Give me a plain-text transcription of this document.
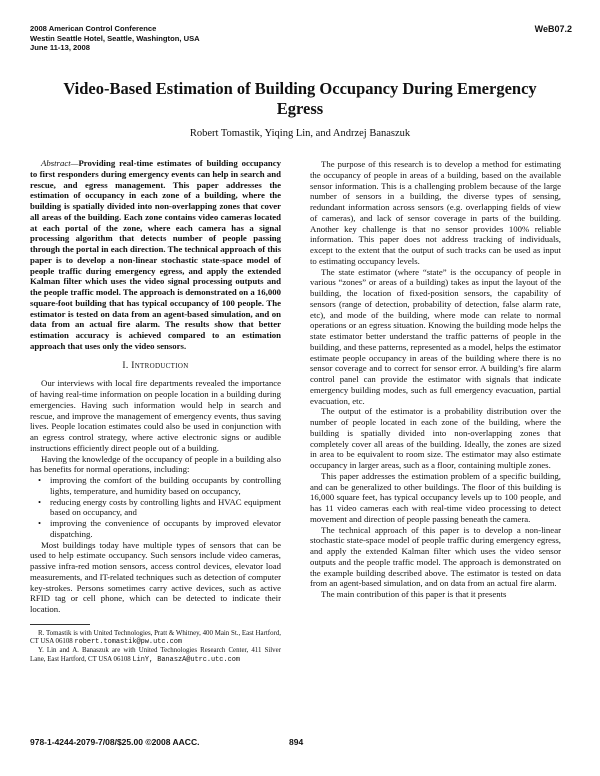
2008 American Control Conference
Westin Seattle Hotel, Seattle, Washington, USA
June 11-13, 2008
WeB07.2
Video-Based Estimation of Building Occupancy During Emergency Egress
Robert Tomastik, Yiqing Lin, and Andrzej Banaszuk

Abstract—Providing real-time estimates of building occupancy to first responders during emergency events can help in search and rescue, and egress management. This paper addresses the estimation of occupancy in each zone of a building, where the building is spatially divided into non-overlapping zones that cover all areas of the building. Each zone contains video cameras located at each portal of the zone, where each camera has a signal processing algorithm that detects number of people passing through the portal in each direction. The technical approach of this paper is to develop a non-linear stochastic state-space model of people traffic during emergency egress, and apply the extended Kalman filter which uses the video signal processing outputs and the people traffic model. The approach is demonstrated on a 16,000 square-foot building that has typical occupancy of 100 people. The estimator is tested on data from an agent-based simulation, and on data from an actual fire alarm. The results show that better estimation accuracy is achieved compared to an estimation approach that uses only the video sensors.

I. Introduction

Our interviews with local fire departments revealed the importance of having real-time information on people location in a building during emergencies. Having such information would help in search and rescue, and improve the management of emergency events, thus saving lives. People location estimates could also be used in conjunction with an egress control strategy, where active electronic signs or audible instructions efficiently direct people out of a building.

Having the knowledge of the occupancy of people in a building also has benefits for normal operations, including:

• improving the comfort of the building occupants by controlling lights, temperature, and humidity based on occupancy,
• reducing energy costs by controlling lights and HVAC equipment based on occupancy, and
• improving the convenience of occupants by improved elevator dispatching.

Most buildings today have multiple types of sensors that can be used to help estimate occupancy. Such sensors include video cameras, passive infra-red motion sensors, access control devices, elevator load measurements, and IT-related techniques such as detection of computer key-strokes. Persons sometimes carry active devices, such as active RFID tag or cell phone, which can be detected to indicate their location.

R. Tomastik is with United Technologies, Pratt & Whitney, 400 Main St., East Hartford, CT USA 06108 robert.tomastik@pw.utc.com

Y. Lin and A. Banaszuk are with United Technologies Research Center, 411 Silver Lane, East Hartford, CT USA 06108 LinY, BanaszA@utrc.utc.com

The purpose of this research is to develop a method for estimating the occupancy of people in areas of a building, based on the available sensor information. This is a challenging problem because of the large number of sensors in a building, the diverse types of sensing, redundant information across sensors (e.g. overlapping fields of view of cameras), and lack of sensor coverage in parts of the building. Another key challenge is that no sensor provides 100% reliable information. This paper does not address tracking of individuals, except to the extent that the output of such tracks can be used as input to estimating occupancy levels.

The state estimator (where “state” is the occupancy of people in various “zones” or areas of a building) takes as input the layout of the building, the location of fixed-position sensors, the capability of sensors (range of detection, probability of detection, false alarm rate, etc), and mode of the building, where mode can relate to normal operations or an egress situation. Knowing the building mode helps the state estimator better understand the traffic patterns of people in the building, and these patterns, represented as a model, helps the estimator estimate people occupancy in areas of the building where there is no sensor coverage and to correct for sensor error. A building’s fire alarm control panel can provide the estimator with signals that indicate emergency building modes, such as full emergency evacuation, partial evacuation, etc.

The output of the estimator is a probability distribution over the number of people located in each zone of the building, where the building is spatially divided into non-overlapping zones that completely cover all areas of the building. Ideally, the zones are sized in area to be equivalent to room size. The estimator may also estimate occupancy in larger areas, such as a floor, containing multiple zones.

This paper addresses the estimation problem of a specific building, and can be generalized to other buildings. The floor of this building is 16,000 square feet, has typical occupancy levels up to 100 people, and has 11 video cameras each with real-time video processing to detect movement and direction of people passing beneath the camera.

The technical approach of this paper is to develop a non-linear stochastic state-space model of people traffic during emergency egress, and apply the extended Kalman filter which uses the video sensor outputs and the people traffic model. The approach is demonstrated on the example building described above. The estimator is tested on data from an agent-based simulation, and on data from an actual fire alarm.

The main contribution of this paper is that it presents

978-1-4244-2079-7/08/$25.00 ©2008 AACC.	894
